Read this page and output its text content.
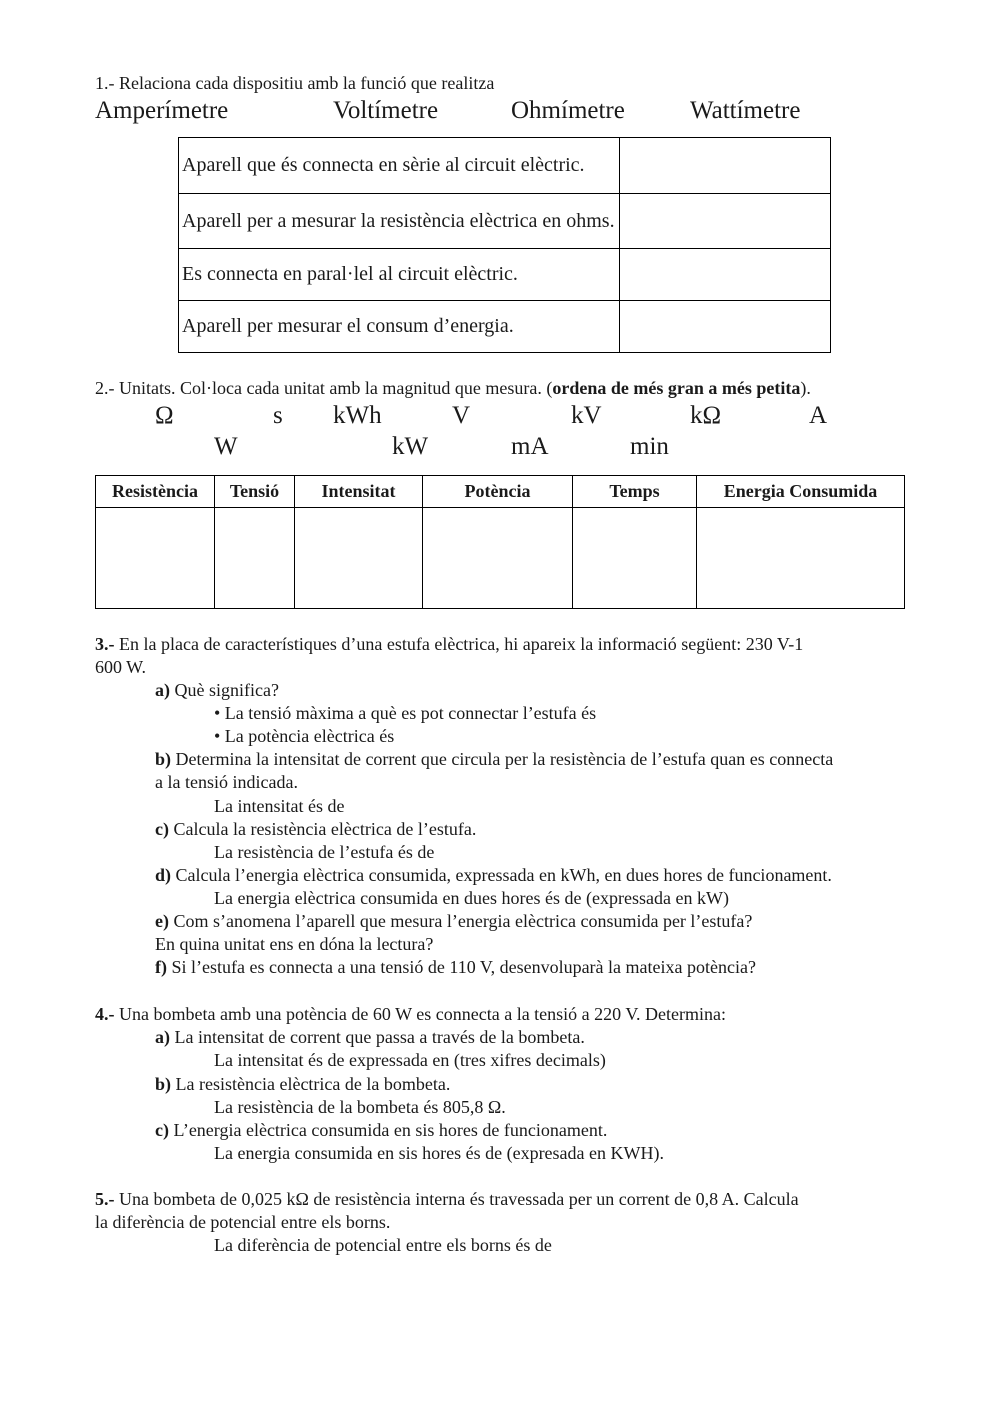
1.- Relaciona cada dispositiu amb la funció que realitza
Amperímetre	Voltímetre	Ohmímetre	Wattímetre
Aparell que és connecta en sèrie al circuit elèctric.	

Aparell per a mesurar la resistència elèctrica en ohms.	

Es connecta en paral·lel al circuit elèctric.	

Aparell per mesurar el consum d’energia.	
2.- Unitats. Col·loca cada unitat amb la magnitud que mesura. (ordena de més gran a més petita).
Ω	s kWh	V	kV	kΩ	A
W	kW	mA	min
Resistència	Tensió	Intensitat	Potència	Temps	Energia Consumida

3.- En la placa de característiques d’una estufa elèctrica, hi apareix la informació següent: 230 V-1
600 W.
a) Què significa?
• La tensió màxima a què es pot connectar l’estufa és
• La potència elèctrica és
b) Determina la intensitat de corrent que circula per la resistència de l’estufa quan es connecta
a la tensió indicada.
La intensitat és de
c) Calcula la resistència elèctrica de l’estufa.
La resistència de l’estufa és de
d) Calcula l’energia elèctrica consumida, expressada en kWh, en dues hores de funcionament.
La energia elèctrica consumida en dues hores és de (expressada en kW)
e) Com s’anomena l’aparell que mesura l’energia elèctrica consumida per l’estufa?
En quina unitat ens en dóna la lectura?
f) Si l’estufa es connecta a una tensió de 110 V, desenvoluparà la mateixa potència?
4.- Una bombeta amb una potència de 60 W es connecta a la tensió a 220 V. Determina:
a) La intensitat de corrent que passa a través de la bombeta.
La intensitat és de expressada en (tres xifres decimals)
b) La resistència elèctrica de la bombeta.
La resistència de la bombeta és 805,8 Ω.
c) L’energia elèctrica consumida en sis hores de funcionament.
La energia consumida en sis hores és de (expresada en KWH).
5.- Una bombeta de 0,025 kΩ de resistència interna és travessada per un corrent de 0,8 A. Calcula
la diferència de potencial entre els borns.
La diferència de potencial entre els borns és de
